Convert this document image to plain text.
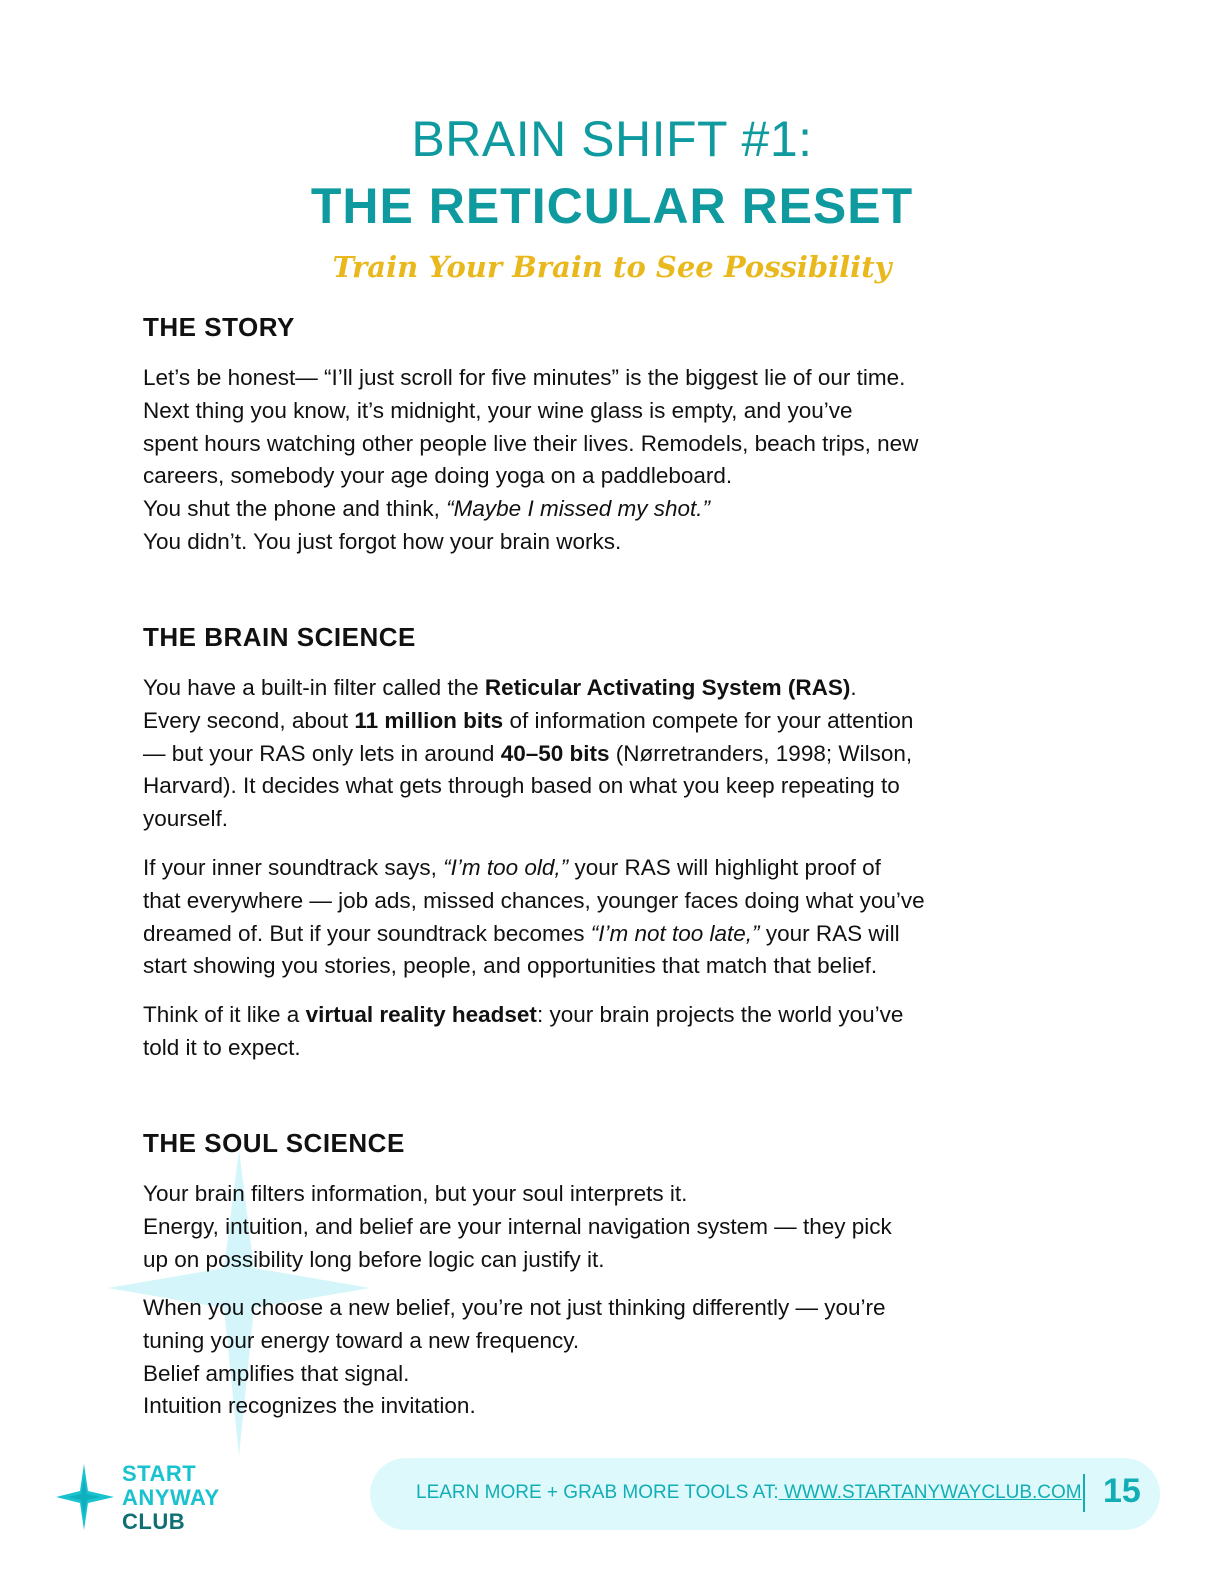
BRAIN SHIFT #1:
THE RETICULAR RESET
Train Your Brain to See Possibility
THE STORY

Let’s be honest— “I’ll just scroll for five minutes” is the biggest lie of our time.

Next thing you know, it’s midnight, your wine glass is empty, and you’ve

spent hours watching other people live their lives. Remodels, beach trips, new

careers, somebody your age doing yoga on a paddleboard.

You shut the phone and think, “Maybe I missed my shot.”

You didn’t. You just forgot how your brain works.

THE BRAIN SCIENCE

You have a built-in filter called the Reticular Activating System (RAS).

Every second, about 11 million bits of information compete for your attention

— but your RAS only lets in around 40–50 bits (Nørretranders, 1998; Wilson,

Harvard). It decides what gets through based on what you keep repeating to

yourself.

If your inner soundtrack says, “I’m too old,” your RAS will highlight proof of

that everywhere — job ads, missed chances, younger faces doing what you’ve

dreamed of. But if your soundtrack becomes “I’m not too late,” your RAS will

start showing you stories, people, and opportunities that match that belief.

Think of it like a virtual reality headset: your brain projects the world you’ve

told it to expect.

THE SOUL SCIENCE

Your brain filters information, but your soul interprets it.

Energy, intuition, and belief are your internal navigation system — they pick

up on possibility long before logic can justify it.

When you choose a new belief, you’re not just thinking differently — you’re

tuning your energy toward a new frequency.

Belief amplifies that signal.

Intuition recognizes the invitation.

START
ANYWAY
CLUB
LEARN MORE + GRAB MORE TOOLS AT: WWW.STARTANYWAYCLUB.COM 15
